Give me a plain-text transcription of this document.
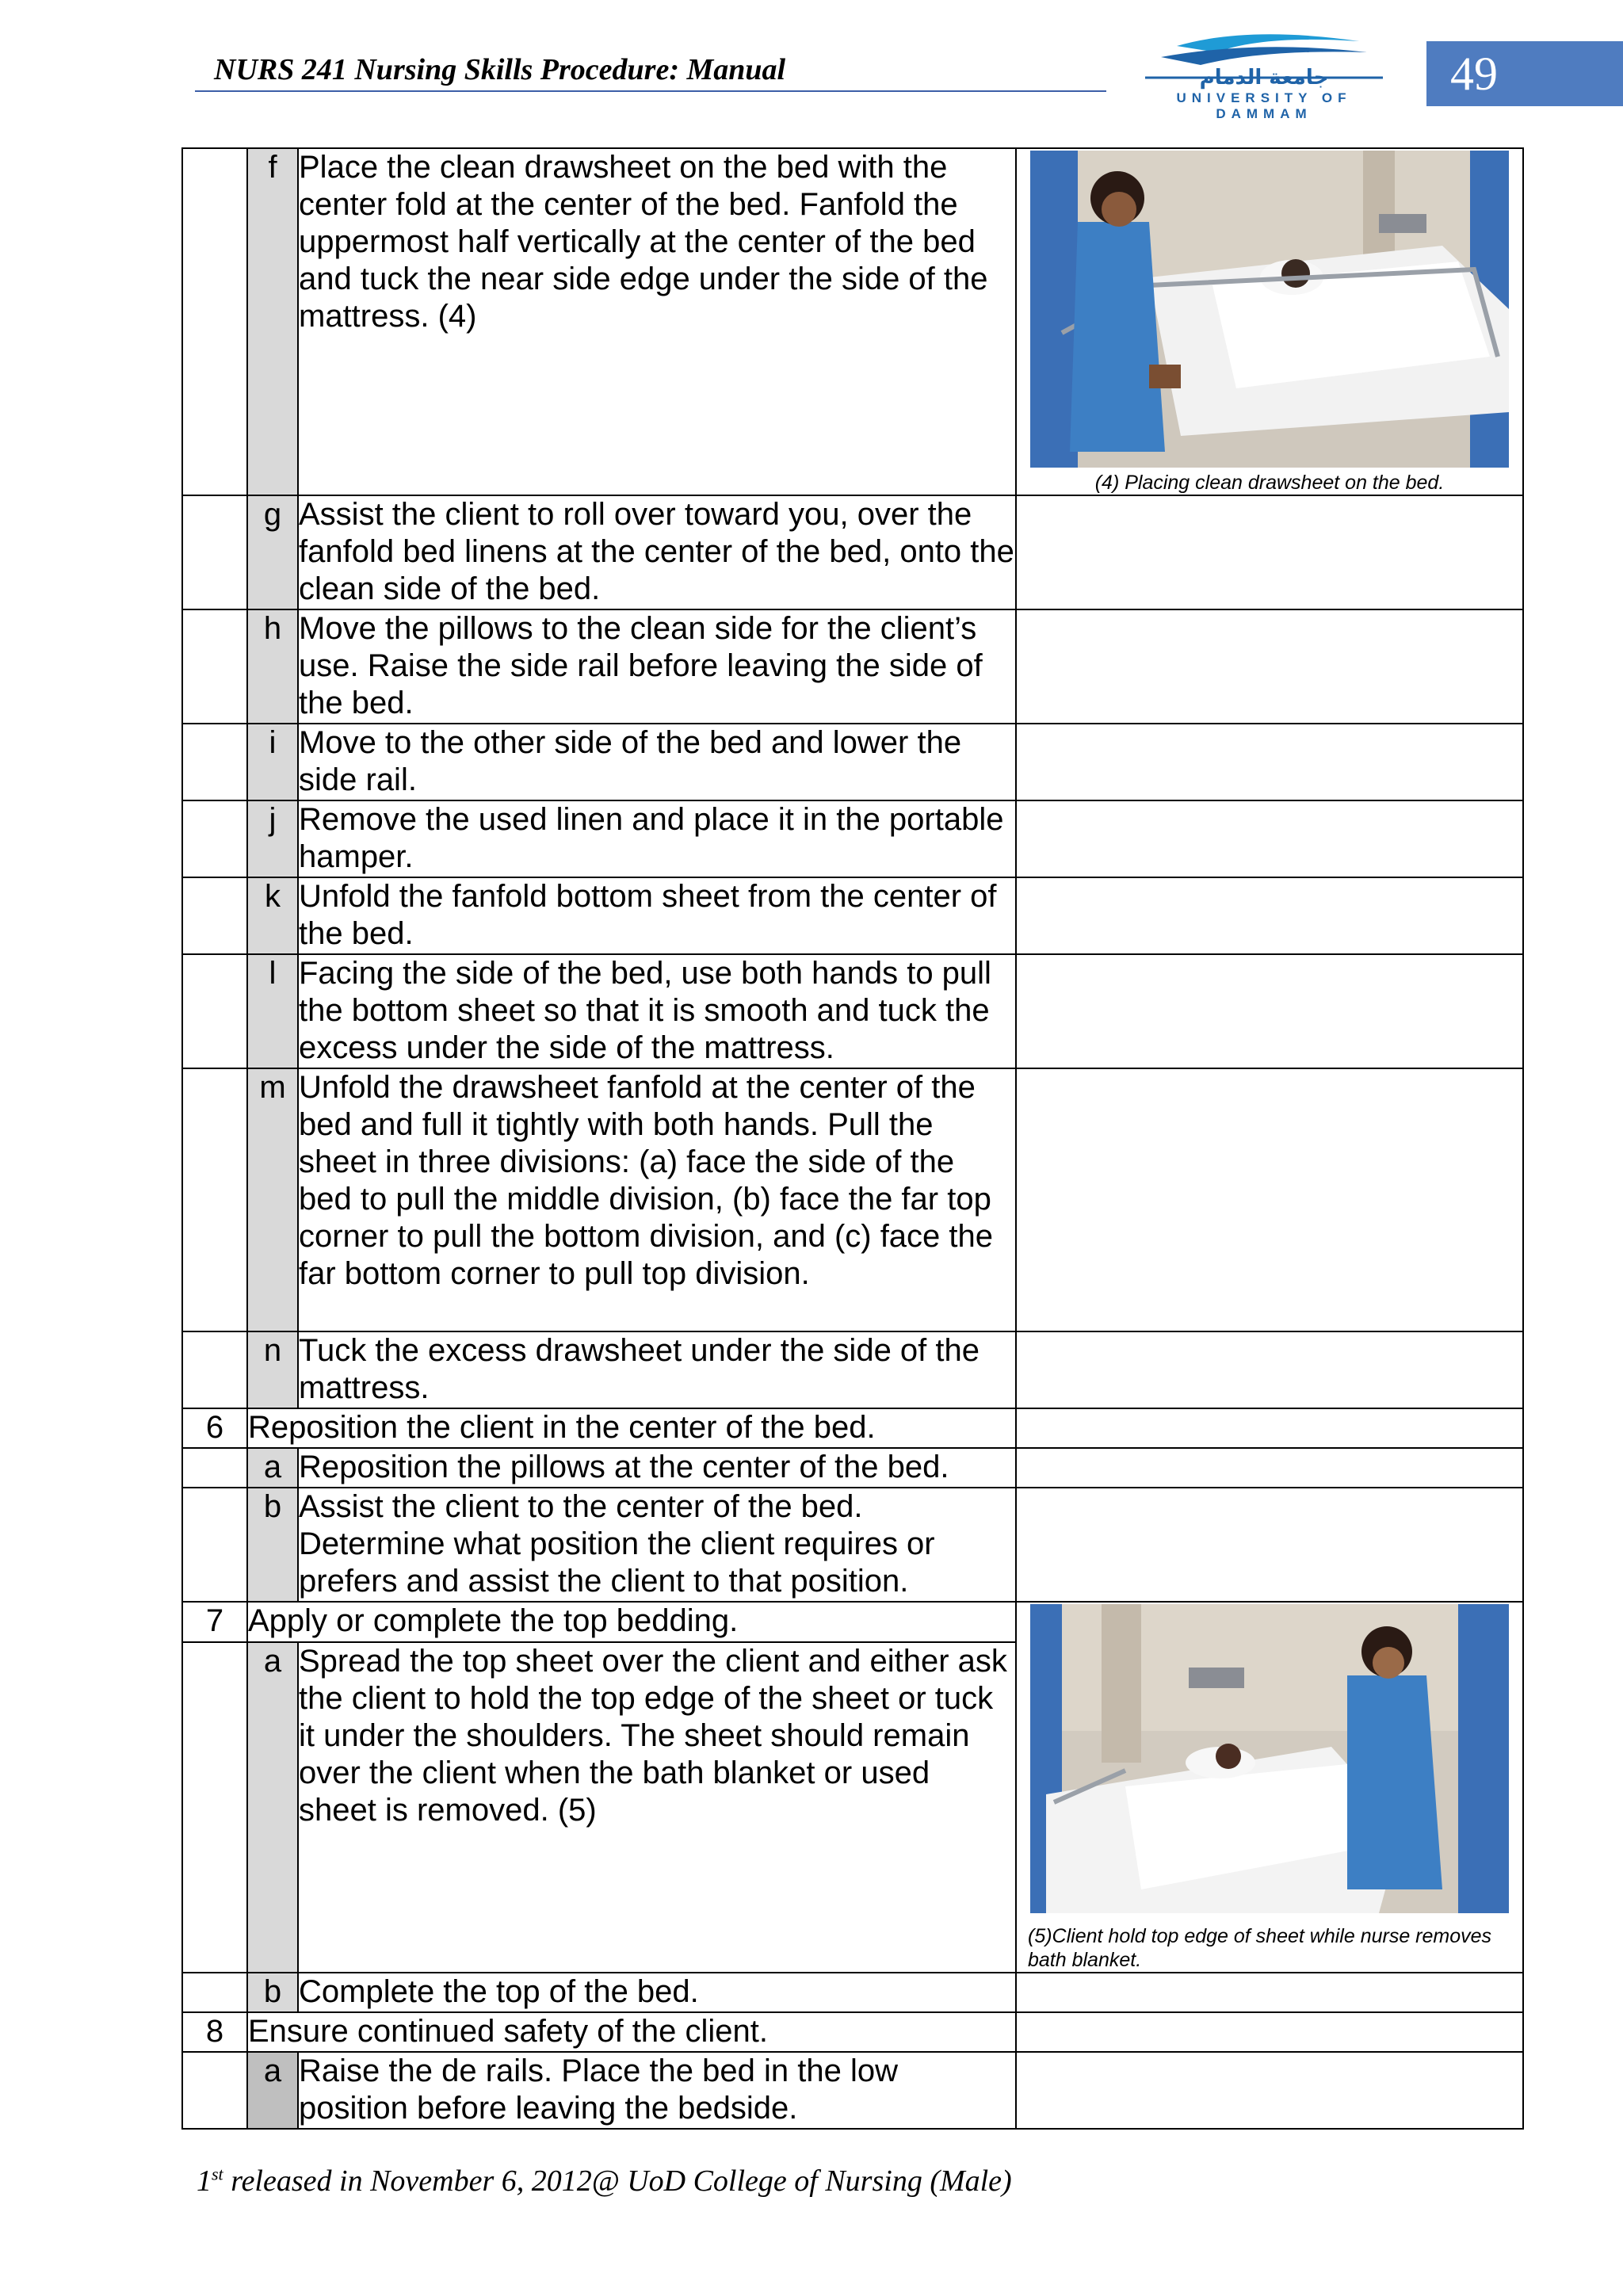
NURS 241 Nursing Skills Procedure: Manual	جامعة الدمام
UNIVERSITY OF DAMMAM
49
	f	Place the clean drawsheet on the bed with the center fold at the center of the bed. Fanfold the uppermost half vertically at the center of the bed and tuck the near side edge under the side of the mattress. (4)	(4) Placing clean drawsheet on the bed.

	g	Assist the client to roll over toward you, over the fanfold bed linens at the center of the bed, onto the clean side of the bed.	
	h	Move the pillows to the clean side for the client’s use. Raise the side rail before leaving the side of the bed.	
	i	Move to the other side of the bed and lower the side rail.	
	j	Remove the used linen and place it in the portable hamper.	
	k	Unfold the fanfold bottom sheet from the center of the bed.	
	l	Facing the side of the bed, use both hands to pull the bottom sheet so that it is smooth and tuck the excess under the side of the mattress.	
	m	Unfold the drawsheet fanfold at the center of the bed and full it tightly with both hands. Pull the sheet in three divisions: (a) face the side of the bed to pull the middle division, (b) face the far top corner to pull the bottom division, and (c) face the far bottom corner to pull top division.	
	n	Tuck the excess drawsheet under the side of the mattress.	
6	Reposition the client in the center of the bed.		
	a	Reposition the pillows at the center of the bed.	
	b	Assist the client to the center of the bed. Determine what position the client requires or prefers and assist the client to that position.	
7	Apply or complete the top bedding.		(5)Client hold top edge of sheet while nurse removes bath blanket.

	a	Spread the top sheet over the client and either ask the client to hold the top edge of the sheet or tuck it under the shoulders. The sheet should remain over the client when the bath blanket or used sheet is removed. (5)	
	b	Complete the top of the bed.	
8	Ensure continued safety of the client.		
	a	Raise the de rails. Place the bed in the low position before leaving the bedside.	
1st released in November 6, 2012@ UoD College of Nursing (Male)
